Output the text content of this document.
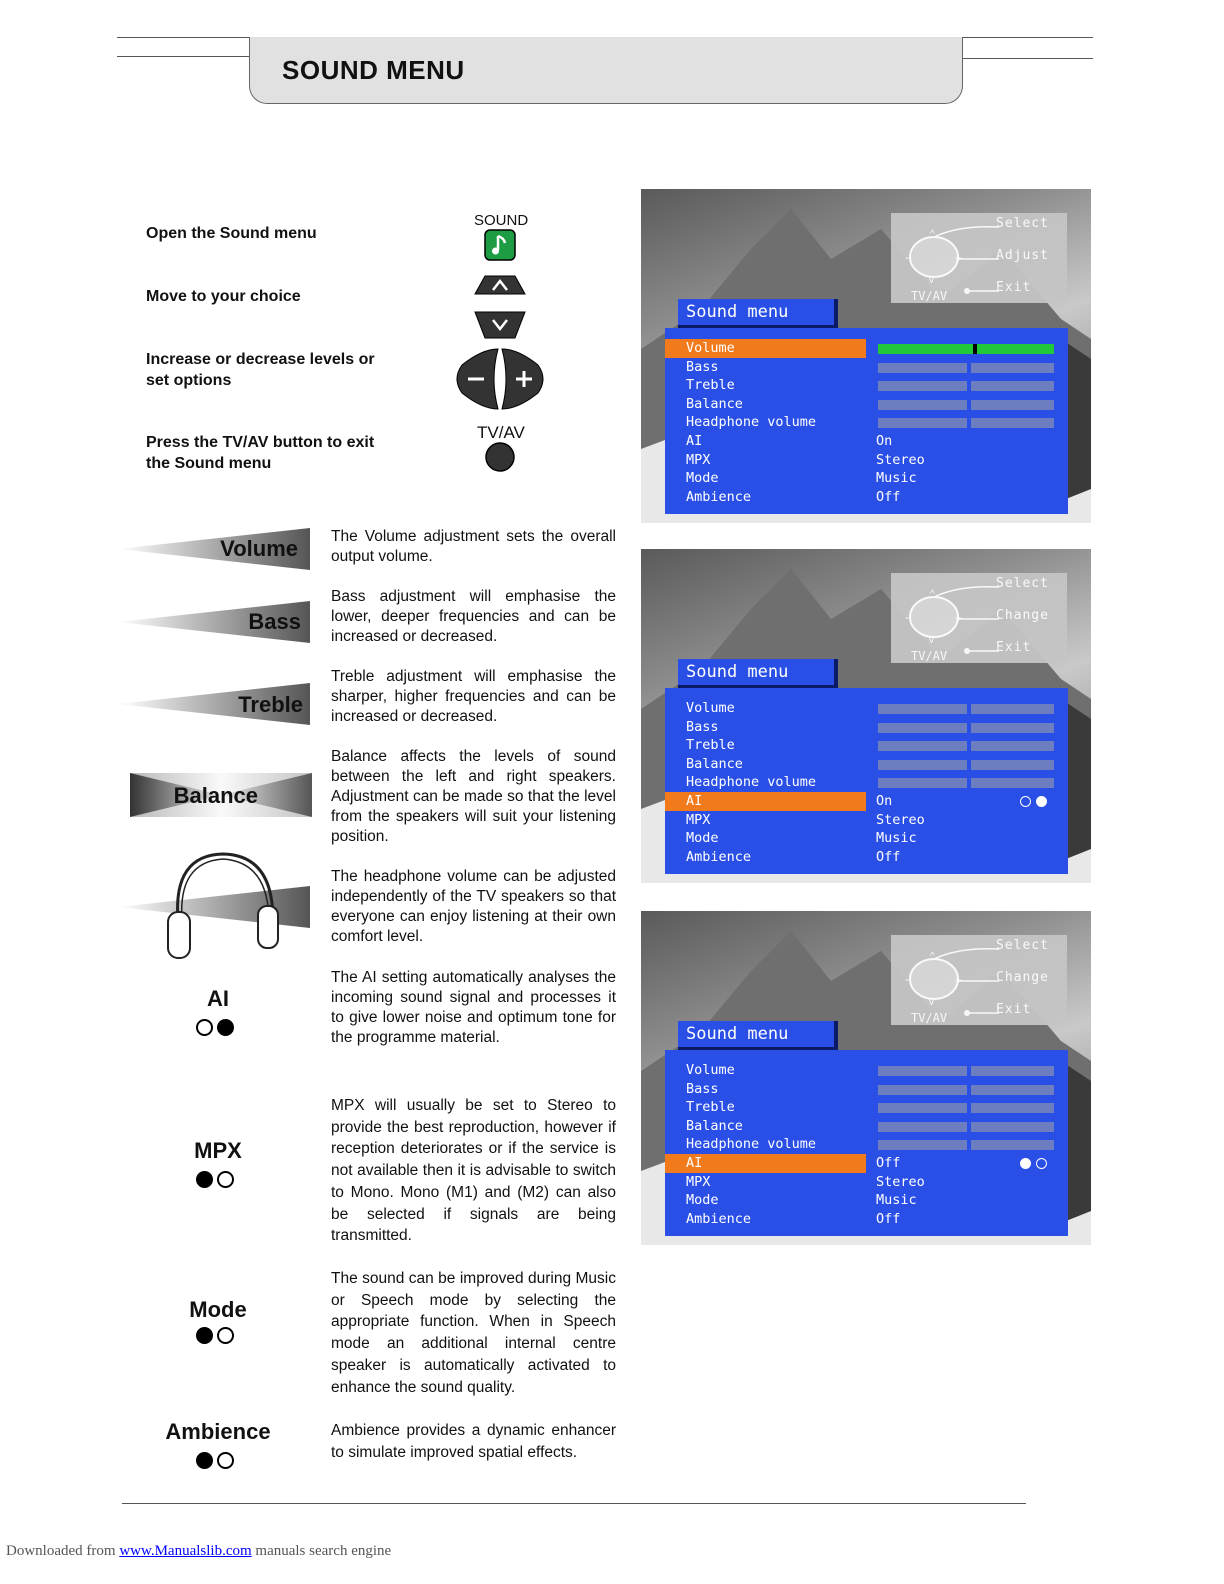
SOUND MENU
Open the Sound menu
SOUND
Move to your choice
Increase or decrease levels or set options
Press the TV/AV button to exit the Sound menu
TV/AV
Volume
Bass
Treble
Balance
AI
MPX
Mode
Ambience
The Volume adjustment sets the overall output volume.
Bass adjustment will emphasise the lower, deeper frequencies and can be increased or decreased.
Treble adjustment will emphasise the sharper, higher frequencies and can be increased or decreased.
Balance affects the levels of sound between the left and right speakers. Adjustment can be made so that the level from the speakers will suit your listening position.
The headphone volume can be adjusted independently of the TV speakers so that everyone can enjoy listening at their own comfort level.
The AI setting automatically analyses the incoming sound signal and processes it to give lower noise and optimum tone for the programme material.
MPX will usually be set to Stereo to provide the best reproduction, however if reception deteriorates or if the service is not available then it is advisable to switch to Mono. Mono (M1) and (M2) can also be selected if signals are being transmitted.
The sound can be improved during Music or Speech mode by selecting the appropriate function. When in Speech mode an additional internal centre speaker is automatically activated to enhance the sound quality.
Ambience provides a dynamic enhancer to simulate improved spatial effects.
^
v
-	+
Select
Adjust
Exit
TV/AV
Sound menu
Volume
Bass
Treble
Balance
Headphone volume
AI	On
MPX	Stereo
Mode	Music
Ambience	Off
^
v
-	+
Select
Change
Exit
TV/AV
Sound menu
Volume
Bass
Treble
Balance
Headphone volume
AI	On
MPX	Stereo
Mode	Music
Ambience	Off
^
v
-	+
Select
Change
Exit
TV/AV
Sound menu
Volume
Bass
Treble
Balance
Headphone volume
AI	Off
MPX	Stereo
Mode	Music
Ambience	Off
Downloaded from www.Manualslib.com manuals search engine
